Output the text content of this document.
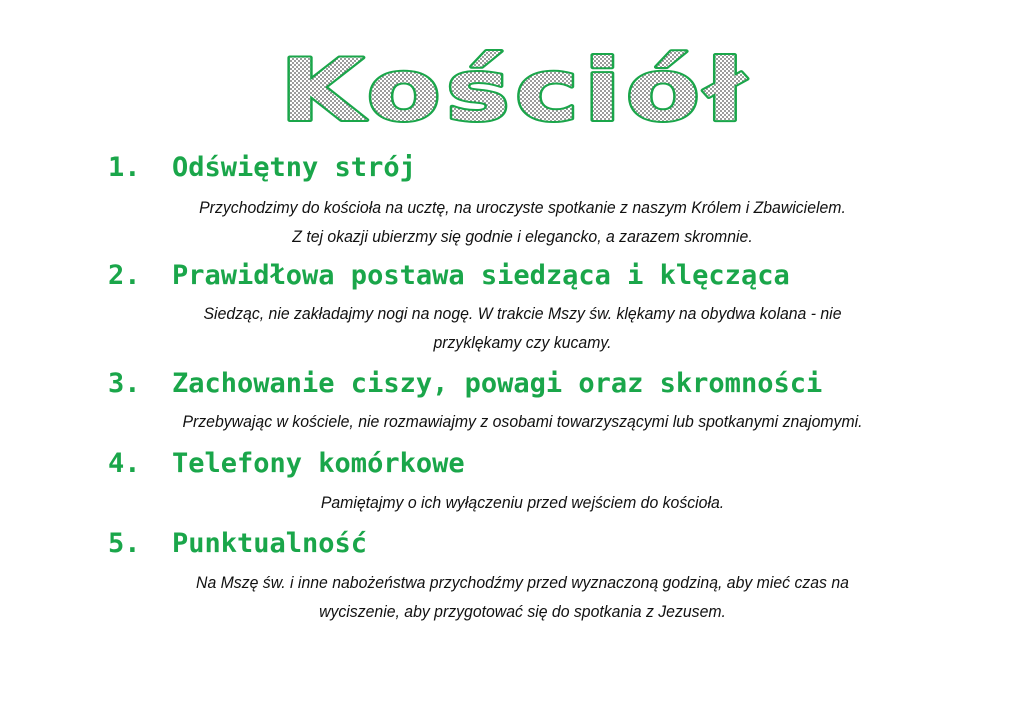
Kościół
1. Odświętny strój
Przychodzimy do kościoła na ucztę, na uroczyste spotkanie z naszym Królem i Zbawicielem.
Z tej okazji ubierzmy się godnie i elegancko, a zarazem skromnie.
2. Prawidłowa postawa siedząca i klęcząca
Siedząc, nie zakładajmy nogi na nogę. W trakcie Mszy św. klękamy na obydwa kolana - nie
przyklękamy czy kucamy.
3. Zachowanie ciszy, powagi oraz skromności
Przebywając w kościele, nie rozmawiajmy z osobami towarzyszącymi lub spotkanymi znajomymi.
4. Telefony komórkowe
Pamiętajmy o ich wyłączeniu przed wejściem do kościoła.
5. Punktualność
Na Mszę św. i inne nabożeństwa przychodźmy przed wyznaczoną godziną, aby mieć czas na
wyciszenie, aby przygotować się do spotkania z Jezusem.
